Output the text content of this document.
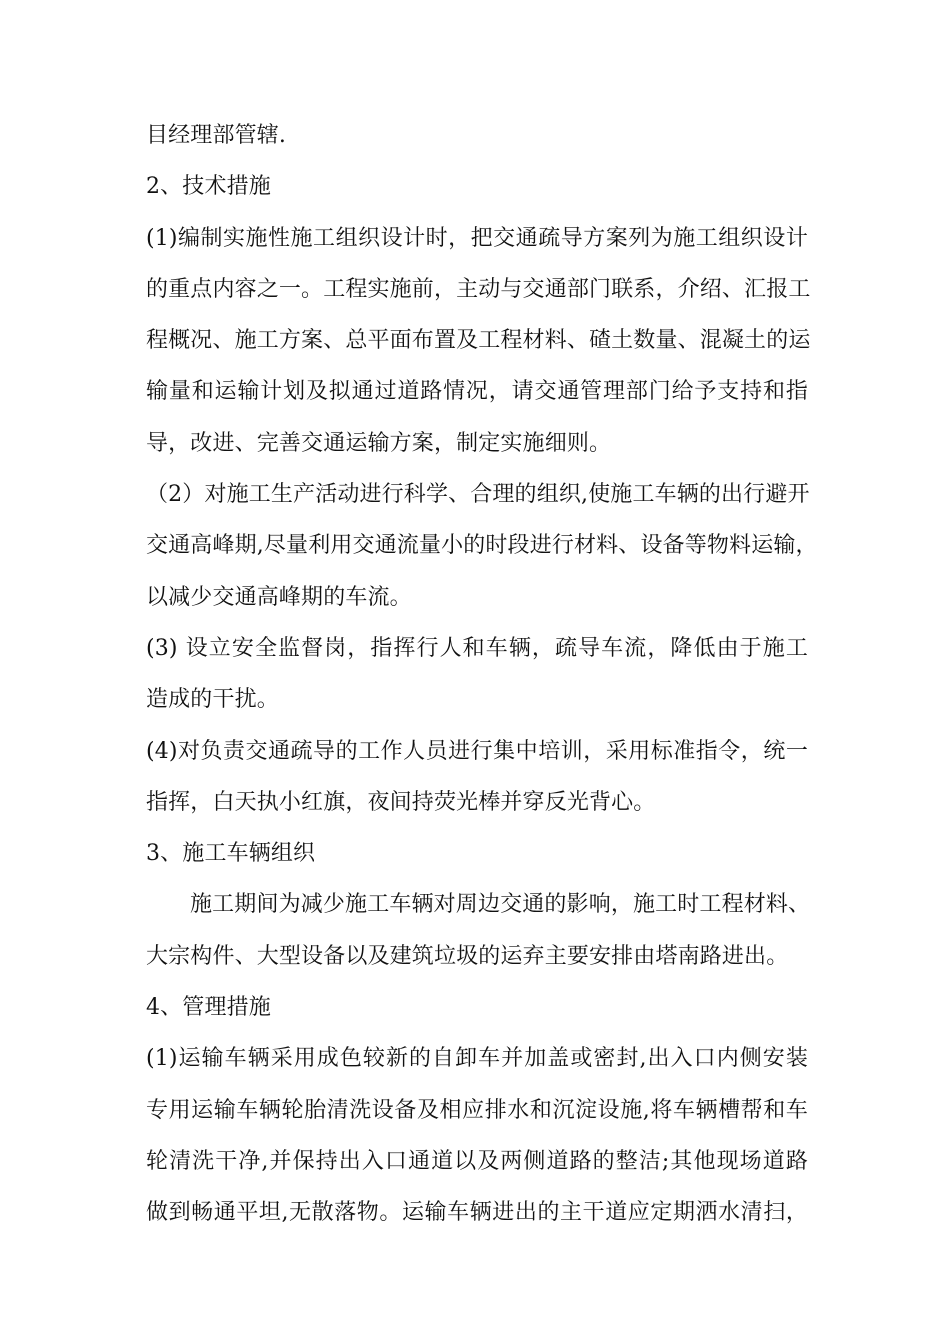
目经理部管辖.
2、技术措施
(1)编制实施性施工组织设计时，把交通疏导方案列为施工组织设计
的重点内容之一。工程实施前，主动与交通部门联系，介绍、汇报工
程概况、施工方案、总平面布置及工程材料、碴土数量、混凝土的运
输量和运输计划及拟通过道路情况，请交通管理部门给予支持和指
导，改进、完善交通运输方案，制定实施细则。
（2）对施工生产活动进行科学、合理的组织,使施工车辆的出行避开
交通高峰期,尽量利用交通流量小的时段进行材料、设备等物料运输，
以减少交通高峰期的车流。
(3) 设立安全监督岗，指挥行人和车辆，疏导车流，降低由于施工
造成的干扰。
(4)对负责交通疏导的工作人员进行集中培训，采用标准指令，统一
指挥，白天执小红旗，夜间持荧光棒并穿反光背心。
3、施工车辆组织
施工期间为减少施工车辆对周边交通的影响，施工时工程材料、
大宗构件、大型设备以及建筑垃圾的运弃主要安排由塔南路进出。
4、管理措施
(1)运输车辆采用成色较新的自卸车并加盖或密封,出入口内侧安装
专用运输车辆轮胎清洗设备及相应排水和沉淀设施,将车辆槽帮和车
轮清洗干净,并保持出入口通道以及两侧道路的整洁;其他现场道路
做到畅通平坦,无散落物。运输车辆进出的主干道应定期洒水清扫，
